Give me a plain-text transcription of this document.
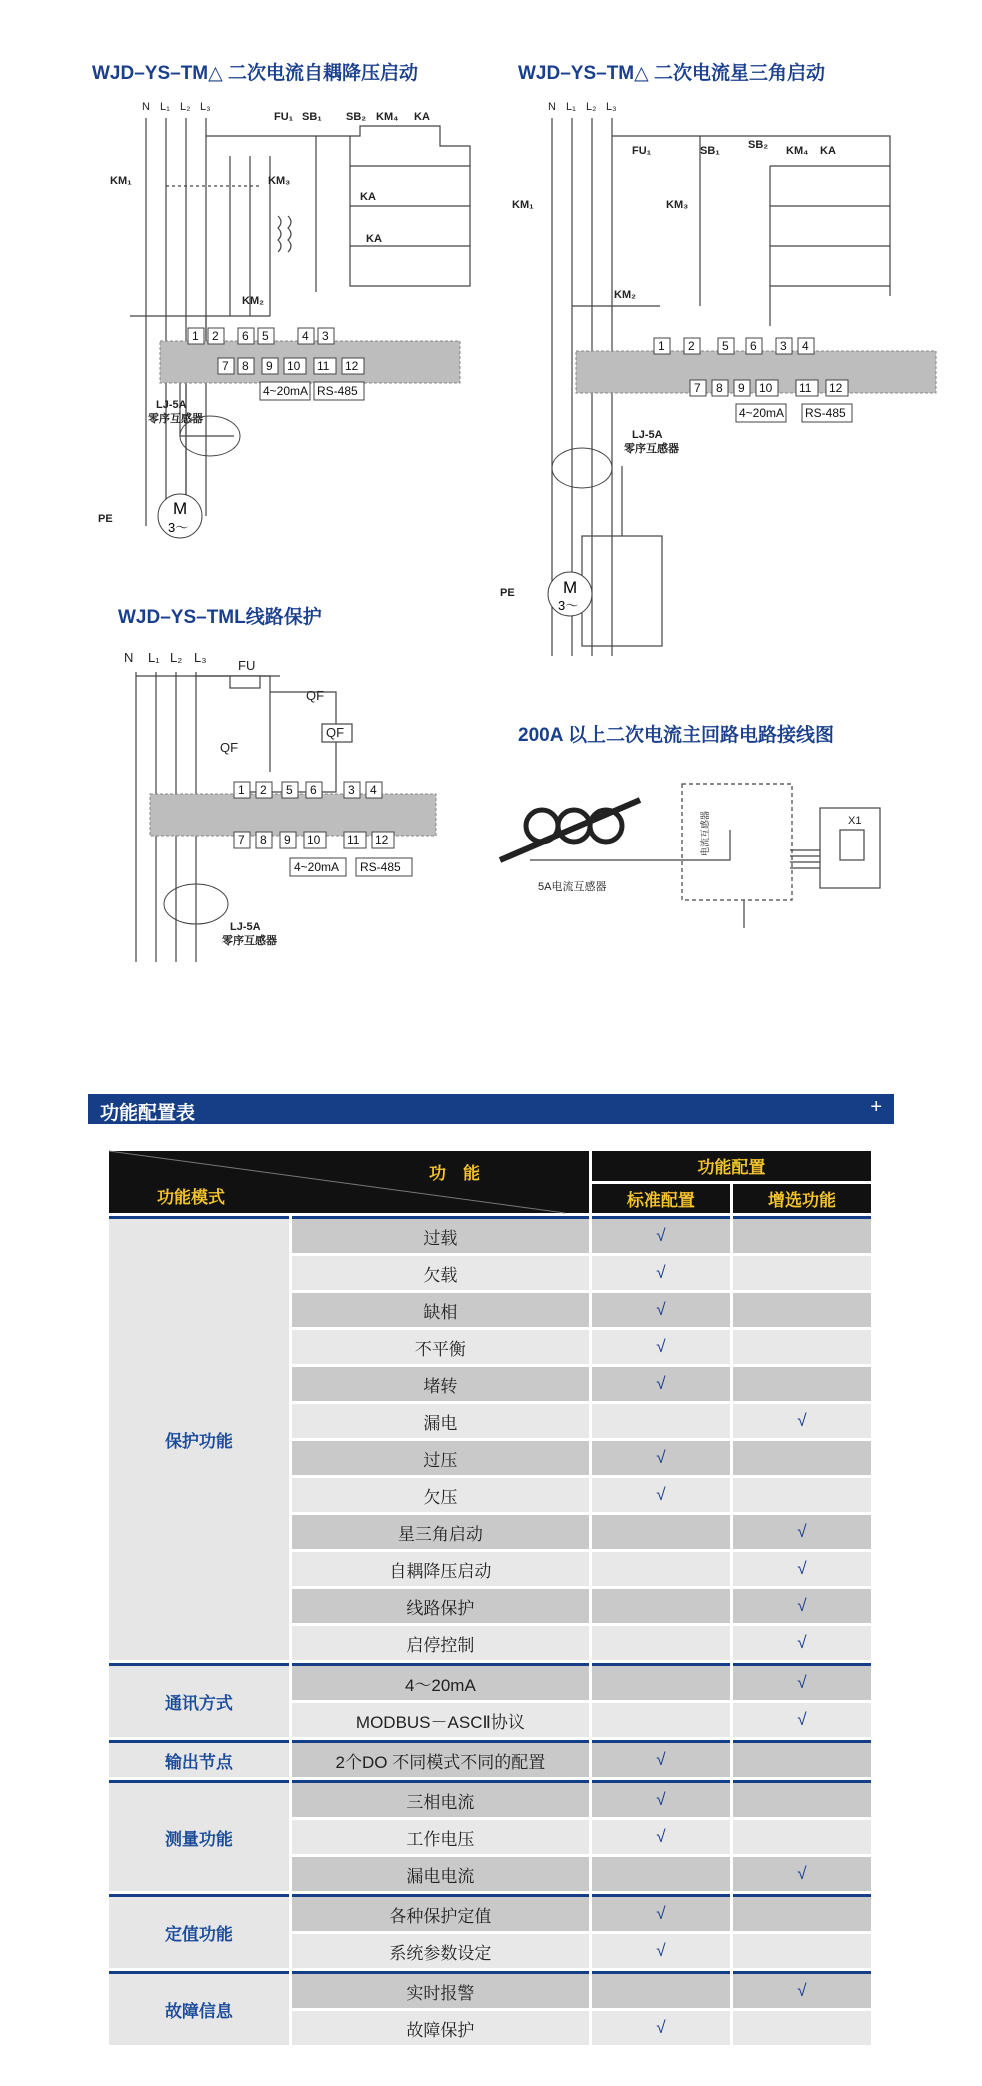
WJD–YS–TM△ 二次电流自耦降压启动
N L₁ L₂ L₃
KM₁	KM₃
KM₂
FU₁ SB₁ SB₂ KM₄ KA
KA
KA
PE
LJ-5A
零序互感器
1 2 6 5	4 3
7 8 9 10 11 12
4~20mA RS-485
M
3～
WJD–YS–TM△ 二次电流星三角启动
N L₁ L₂ L₃
KM₁
KM₂
KM₃
FU₁	SB₁	SB₂ KM₄ KA
PE
LJ-5A
零序互感器
1 2 5 6 3 4
7 8 9 10 11 12
4~20mA RS-485
M
3～
WJD–YS–TML线路保护
N L₁ L₂ L₃
FU
QF
QF
QF
LJ-5A
零序互感器
1 2 5 6	3 4
7 8 9 10 11 12
4~20mA RS-485
200A 以上二次电流主回路电路接线图
5A电流互感器
电流互感器	X1
功能配置表	+
功　能
功能模式		功能配置	
		标准配置	增选功能
保护功能	过载	√	
	欠载	√	
	缺相	√	
	不平衡	√	
	堵转	√	
	漏电		√
	过压	√	
	欠压	√	
	星三角启动		√
	自耦降压启动		√
	线路保护		√
	启停控制		√
通讯方式	4～20mA		√
	MODBUS－ASCⅡ协议		√
输出节点	2个DO 不同模式不同的配置	√	
测量功能	三相电流	√	
	工作电压	√	
	漏电电流		√
定值功能	各种保护定值	√	
	系统参数设定	√	
故障信息	实时报警		√
	故障保护	√	
